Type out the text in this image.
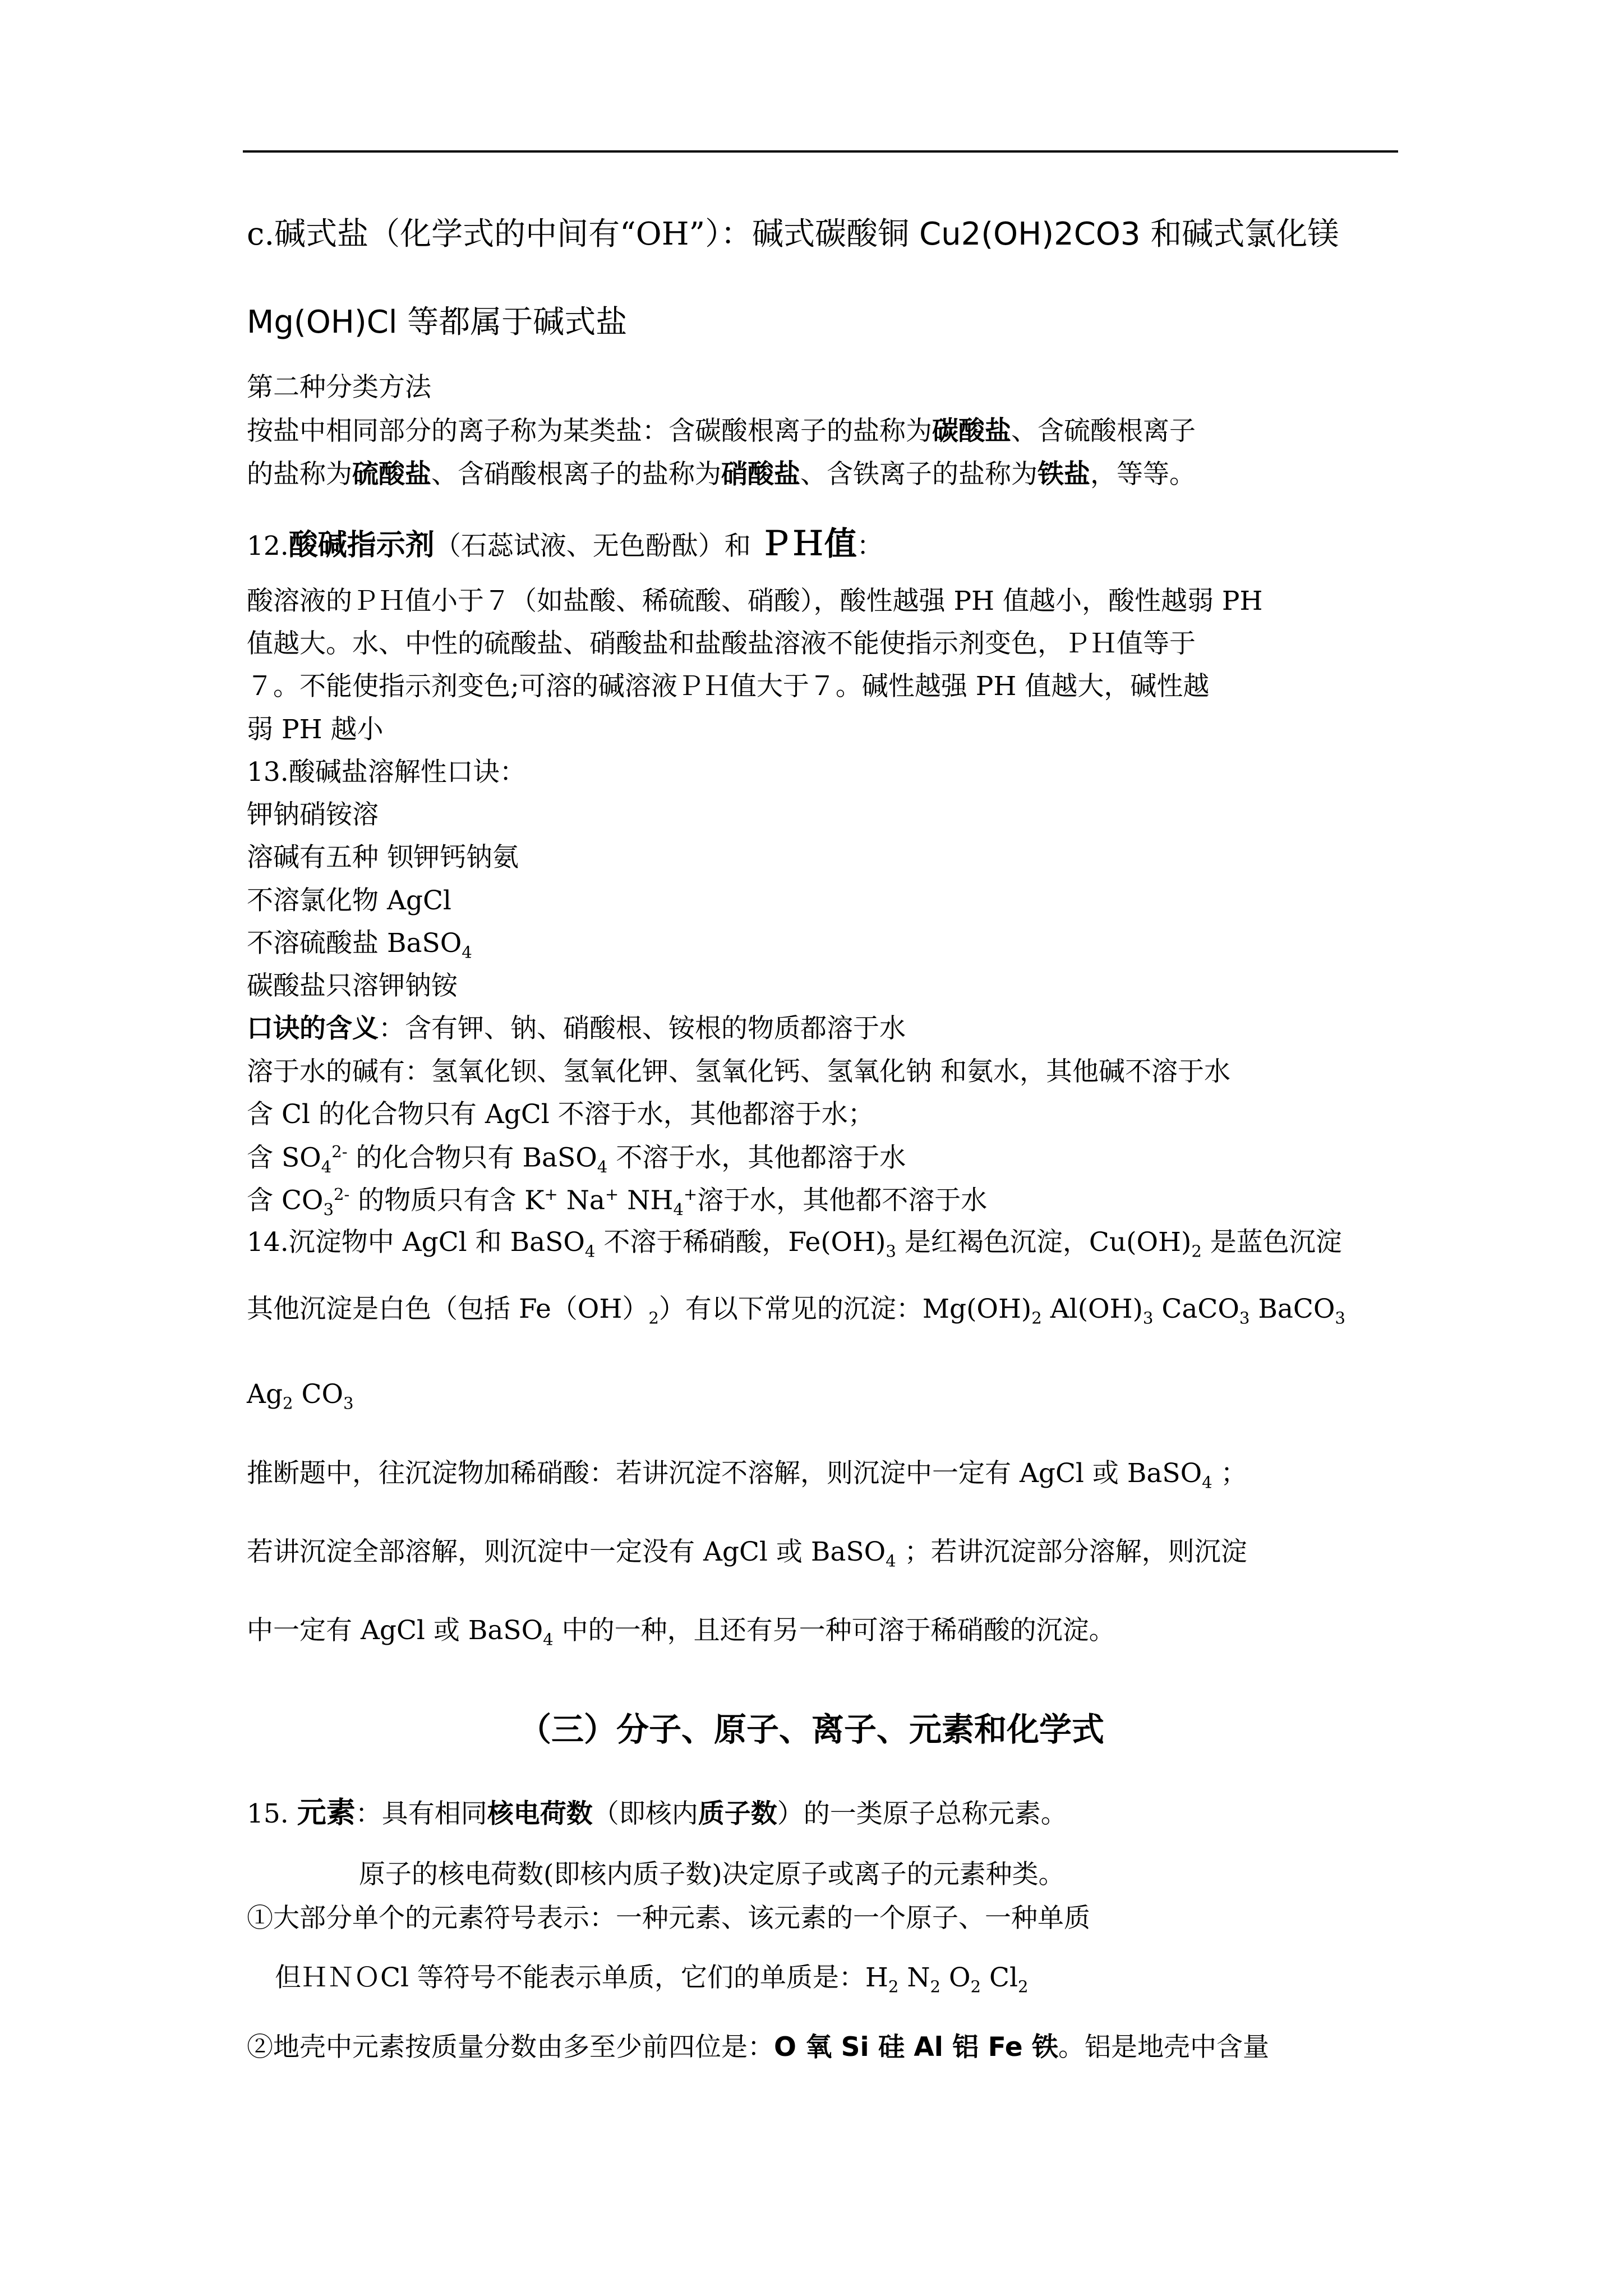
c.碱式盐（化学式的中间有“OH”）：碱式碳酸铜 Cu2(OH)2CO3 和碱式氯化镁
Mg(OH)Cl 等都属于碱式盐
第二种分类方法
按盐中相同部分的离子称为某类盐：含碳酸根离子的盐称为碳酸盐、含硫酸根离子
的盐称为硫酸盐、含硝酸根离子的盐称为硝酸盐、含铁离子的盐称为铁盐，等等。
12.酸碱指示剂（石蕊试液、无色酚酞）和 ＰＨ值：
酸溶液的ＰＨ值小于７（如盐酸、稀硫酸、硝酸），酸性越强 PH 值越小，酸性越弱 PH
值越大。水、中性的硫酸盐、硝酸盐和盐酸盐溶液不能使指示剂变色，ＰＨ值等于
７。不能使指示剂变色;可溶的碱溶液ＰＨ值大于７。碱性越强 PH 值越大，碱性越
弱 PH 越小
13.酸碱盐溶解性口诀：
钾钠硝铵溶
溶碱有五种 钡钾钙钠氨
不溶氯化物 AgCl
不溶硫酸盐 BaSO$_4$
碳酸盐只溶钾钠铵
口诀的含义：含有钾、钠、硝酸根、铵根的物质都溶于水
溶于水的碱有：氢氧化钡、氢氧化钾、氢氧化钙、氢氧化钠 和氨水，其他碱不溶于水
含 Cl 的化合物只有 AgCl 不溶于水，其他都溶于水；
含 $SO_4^{2-}$ 的化合物只有 BaSO$_4$ 不溶于水，其他都溶于水
含 $CO_3^{2-}$ 的物质只有含 K+ Na+ $NH_4^+$溶于水，其他都不溶于水
14.沉淀物中 AgCl 和 BaSO$_4$ 不溶于稀硝酸，$Fe(OH)_3$ 是红褐色沉淀，$Cu(OH)_2$ 是蓝色沉淀
其他沉淀是白色（包括 $Fe(OH)_2$）有以下常见的沉淀：$Mg(OH)_2$ $Al(OH)_3$ CaCO$_3$ BaCO$_3$
$Ag_2$ $CO_3$
推断题中，往沉淀物加稀硝酸：若讲沉淀不溶解，则沉淀中一定有 AgCl 或 BaSO$_4$ ；
若讲沉淀全部溶解，则沉淀中一定没有 AgCl 或 BaSO$_4$ ；若讲沉淀部分溶解，则沉淀
中一定有 AgCl 或 BaSO$_4$ 中的一种，且还有另一种可溶于稀硝酸的沉淀。
（三）分子、原子、离子、元素和化学式
15. 元素：具有相同核电荷数（即核内质子数）的一类原子总称元素。
原子的核电荷数(即核内质子数)决定原子或离子的元素种类。
①大部分单个的元素符号表示：一种元素、该元素的一个原子、一种单质
但ＨＮＯCl 等符号不能表示单质，它们的单质是：$H_2$ $N_2$ $O_2$ $Cl_2$
②地壳中元素按质量分数由多至少前四位是：O 氧 Si 硅 Al 铝 Fe 铁。铝是地壳中含量
